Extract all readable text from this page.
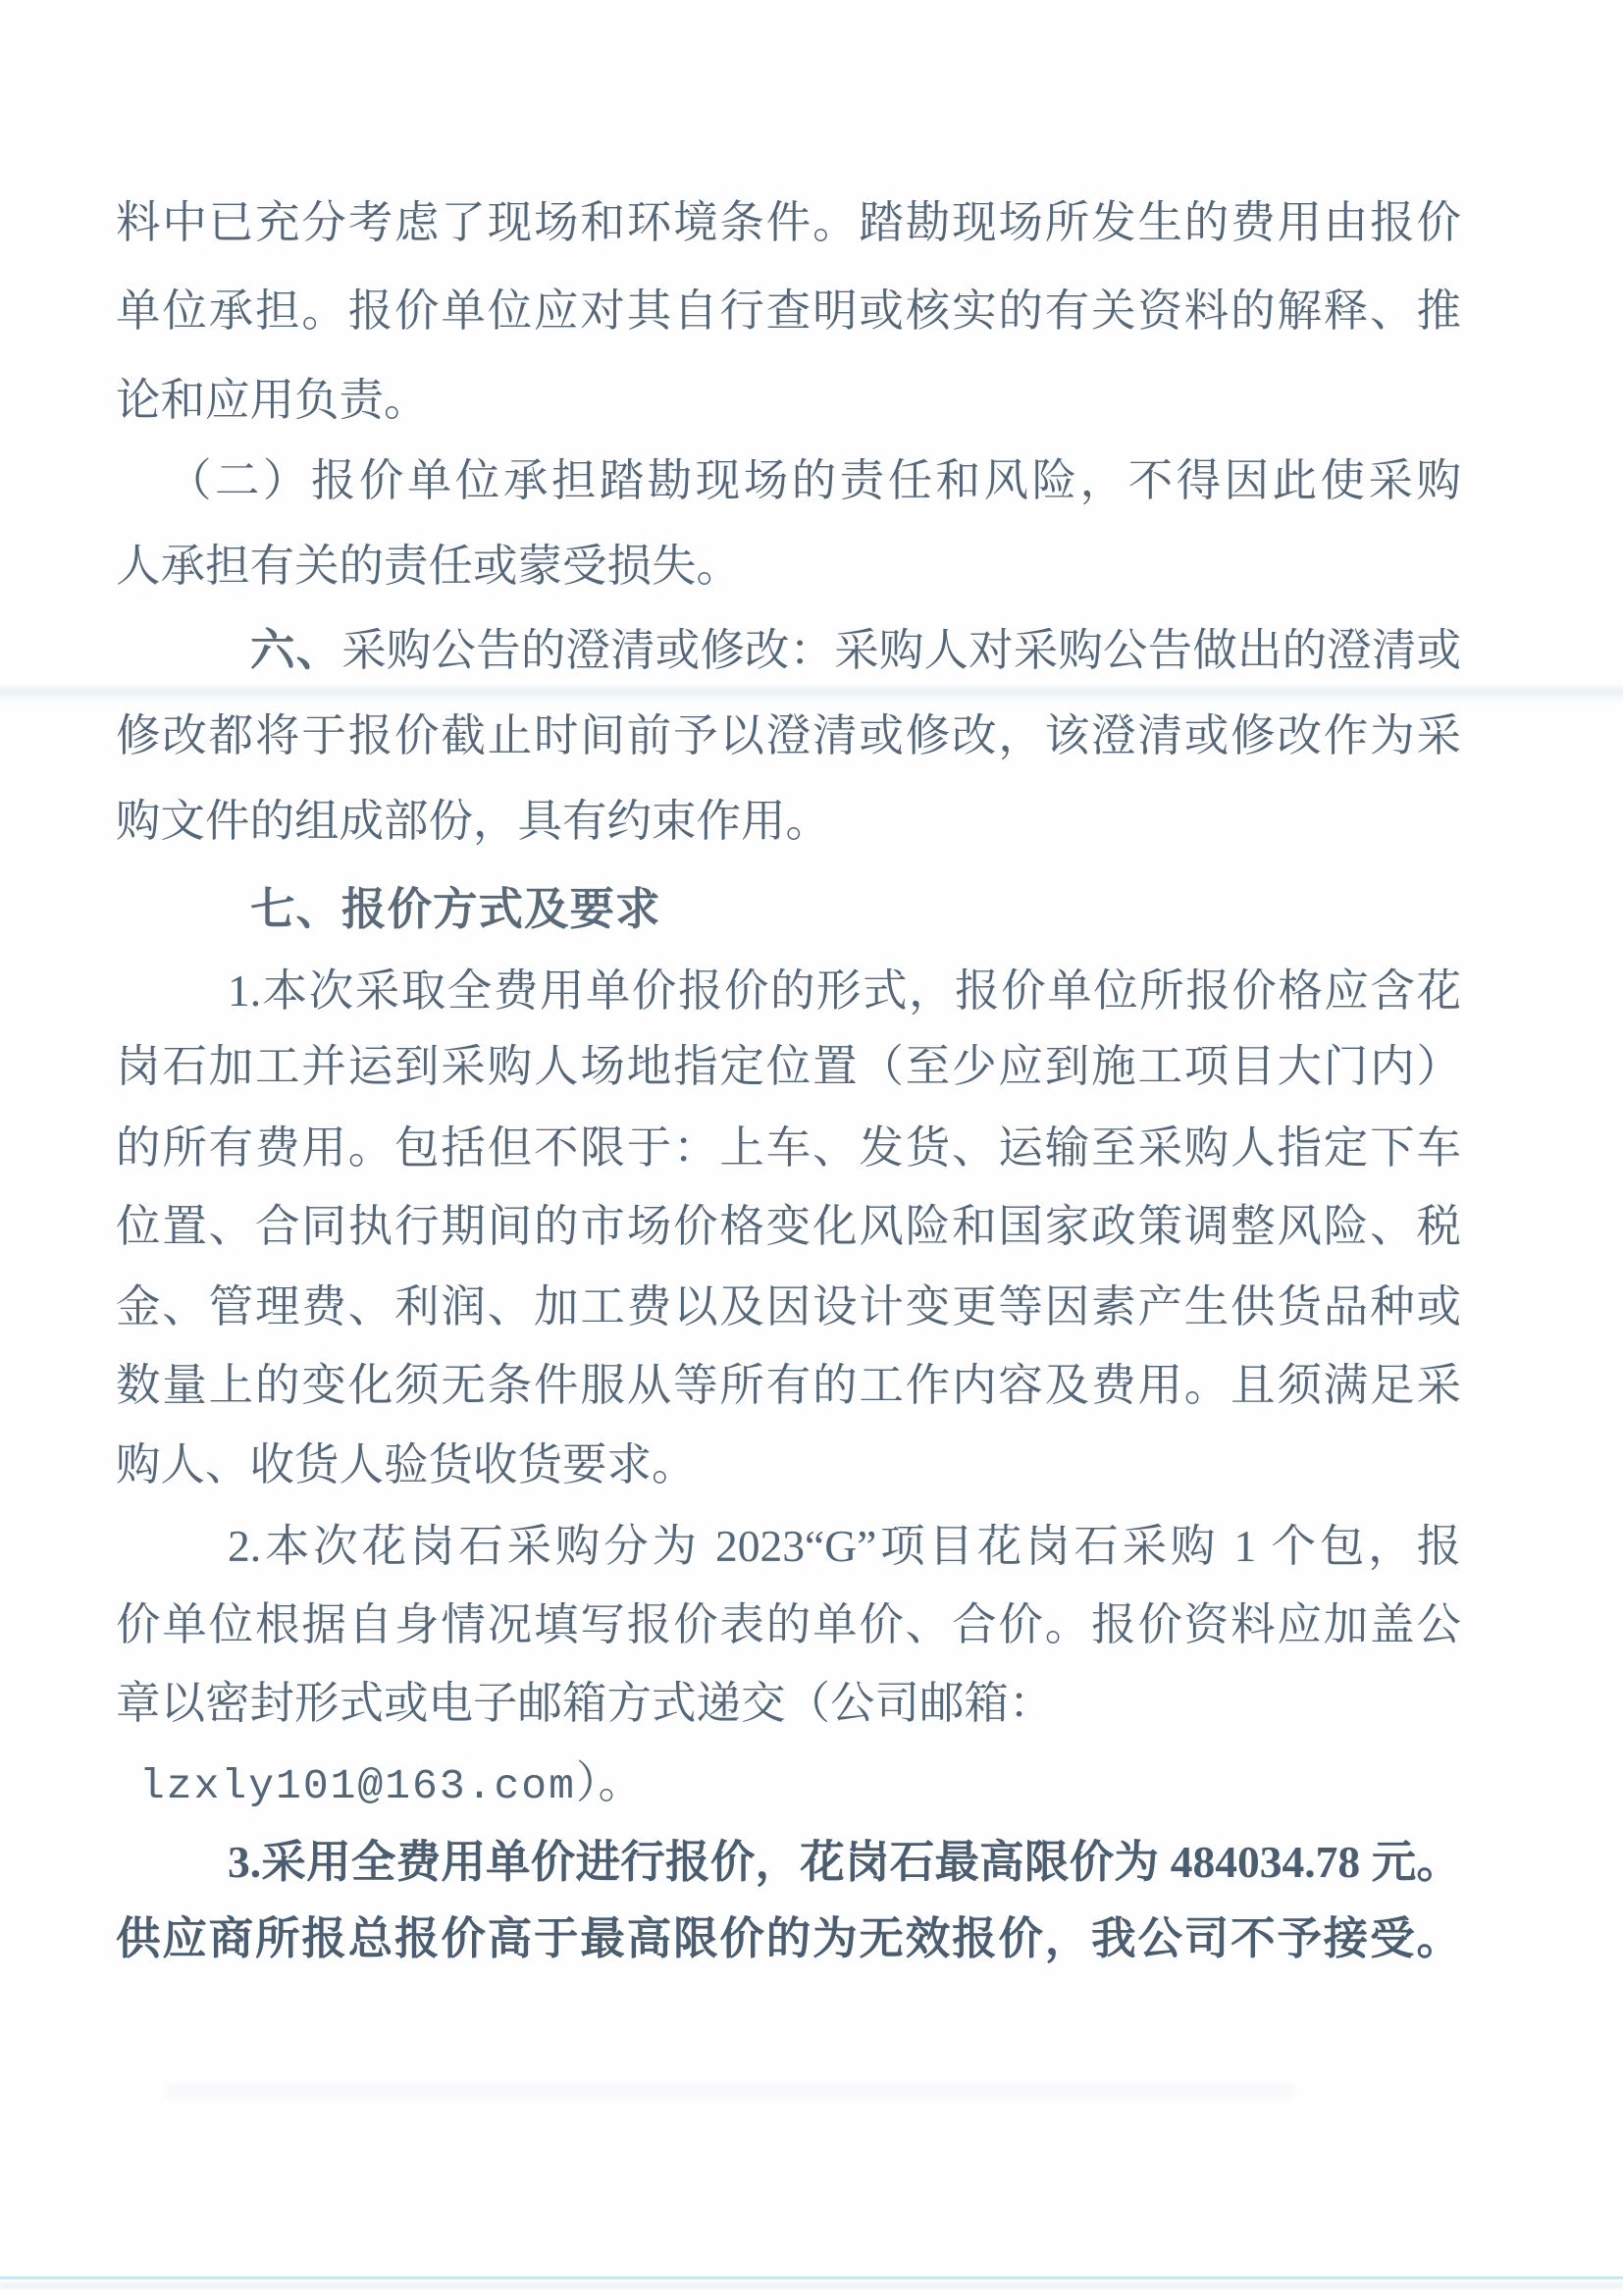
料中已充分考虑了现场和环境条件。踏勘现场所发生的费用由报价
单位承担。报价单位应对其自行查明或核实的有关资料的解释、推
论和应用负责。
（二）报价单位承担踏勘现场的责任和风险，不得因此使采购
人承担有关的责任或蒙受损失。
六、采购公告的澄清或修改：采购人对采购公告做出的澄清或
修改都将于报价截止时间前予以澄清或修改，该澄清或修改作为采
购文件的组成部份，具有约束作用。
七、报价方式及要求
1.本次采取全费用单价报价的形式，报价单位所报价格应含花
岗石加工并运到采购人场地指定位置（至少应到施工项目大门内）
的所有费用。包括但不限于：上车、发货、运输至采购人指定下车
位置、合同执行期间的市场价格变化风险和国家政策调整风险、税
金、管理费、利润、加工费以及因设计变更等因素产生供货品种或
数量上的变化须无条件服从等所有的工作内容及费用。且须满足采
购人、收货人验货收货要求。
2.本次花岗石采购分为 2023“G”项目花岗石采购 1 个包，报
价单位根据自身情况填写报价表的单价、合价。报价资料应加盖公
章以密封形式或电子邮箱方式递交（公司邮箱：
lzxly101@163.com）。
3.采用全费用单价进行报价，花岗石最高限价为 484034.78 元。
供应商所报总报价高于最高限价的为无效报价，我公司不予接受。
